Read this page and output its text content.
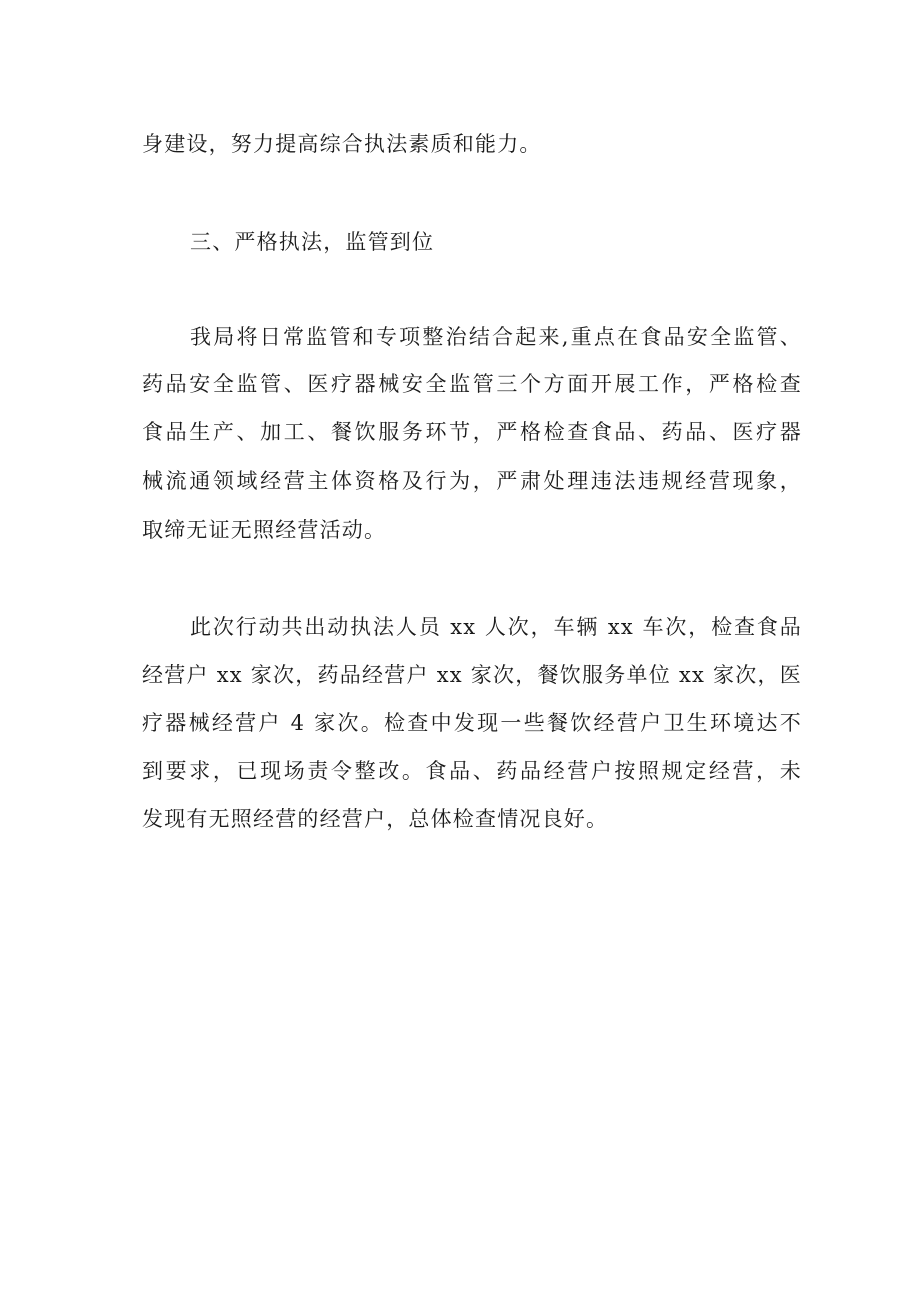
身建设，努力提高综合执法素质和能力。
三、严格执法，监管到位
我局将日常监管和专项整治结合起来,重点在食品安全监管、
药品安全监管、医疗器械安全监管三个方面开展工作，严格检查
食品生产、加工、餐饮服务环节，严格检查食品、药品、医疗器
械流通领域经营主体资格及行为，严肃处理违法违规经营现象，
取缔无证无照经营活动。
此次行动共出动执法人员 xx 人次，车辆 xx 车次，检查食品
经营户 xx 家次，药品经营户 xx 家次，餐饮服务单位 xx 家次，医
疗器械经营户 4 家次。检查中发现一些餐饮经营户卫生环境达不
到要求，已现场责令整改。食品、药品经营户按照规定经营，未
发现有无照经营的经营户，总体检查情况良好。
